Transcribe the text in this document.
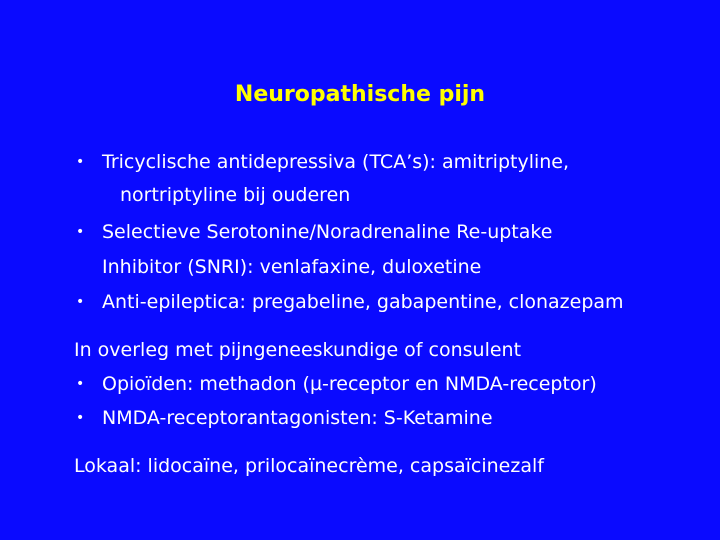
Neuropathische pijn
• Tricyclische antidepressiva (TCA’s): amitriptyline,
nortriptyline bij ouderen
• Selectieve Serotonine/Noradrenaline Re-uptake
Inhibitor (SNRI): venlafaxine, duloxetine
• Anti-epileptica: pregabeline, gabapentine, clonazepam
In overleg met pijngeneeskundige of consulent
• Opioïden: methadon (µ-receptor en NMDA-receptor)
• NMDA-receptorantagonisten: S-Ketamine
Lokaal: lidocaïne, prilocaïnecrème, capsaïcinezalf
